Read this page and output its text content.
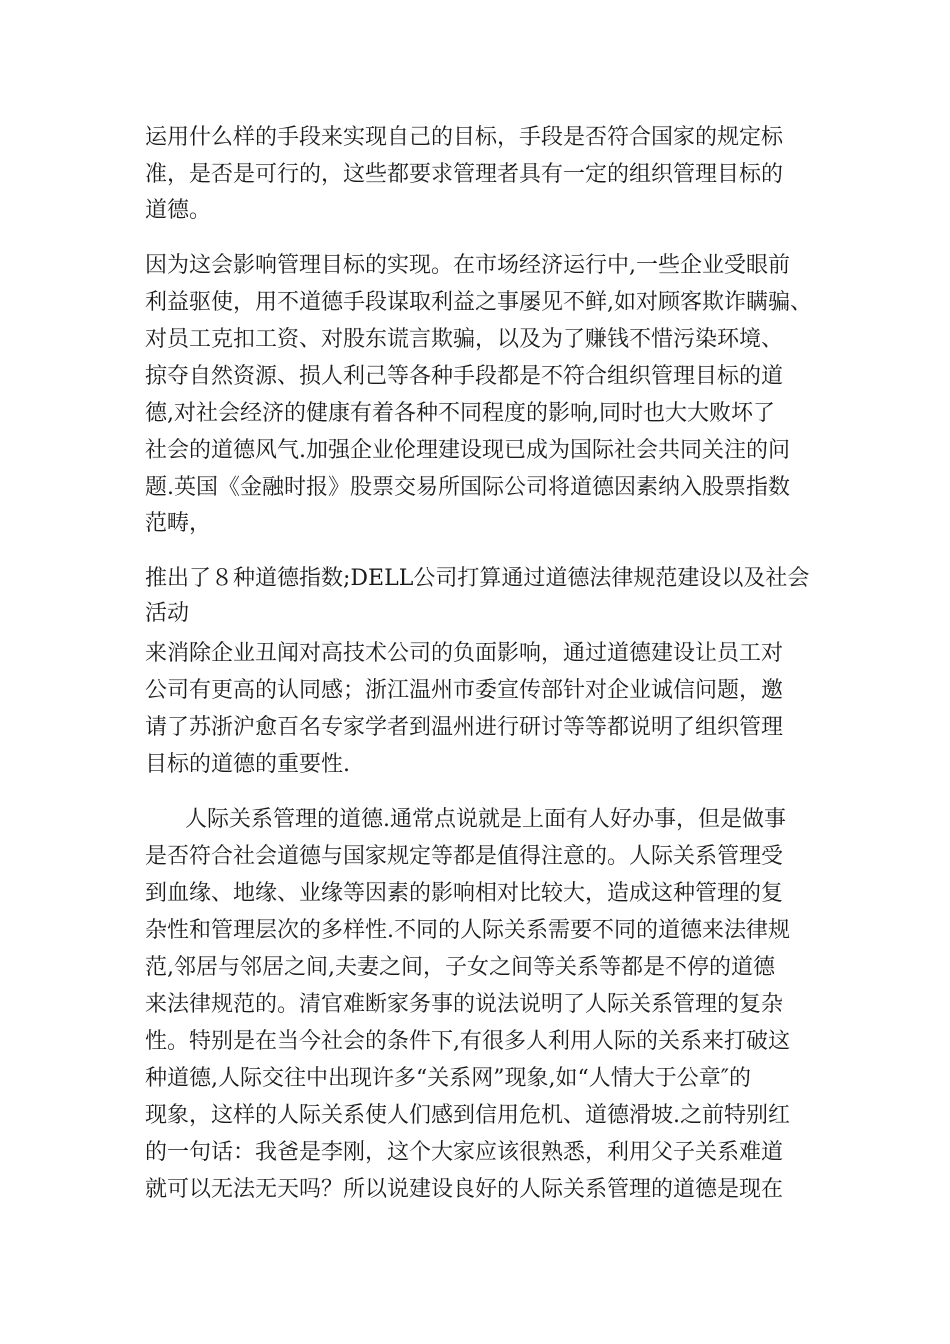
运用什么样的手段来实现自己的目标，手段是否符合国家的规定标

准，是否是可行的，这些都要求管理者具有一定的组织管理目标的

道德。

因为这会影响管理目标的实现。在市场经济运行中,一些企业受眼前

利益驱使，用不道德手段谋取利益之事屡见不鲜,如对顾客欺诈瞒骗、

对员工克扣工资、对股东谎言欺骗，以及为了赚钱不惜污染环境、

掠夺自然资源、损人利己等各种手段都是不符合组织管理目标的道

德,对社会经济的健康有着各种不同程度的影响,同时也大大败坏了

社会的道德风气.加强企业伦理建设现已成为国际社会共同关注的问

题.英国《金融时报》股票交易所国际公司将道德因素纳入股票指数

范畴，

推出了８种道德指数;DELL公司打算通过道德法律规范建设以及社会

活动

来消除企业丑闻对高技术公司的负面影响，通过道德建设让员工对

公司有更高的认同感；浙江温州市委宣传部针对企业诚信问题，邀

请了苏浙沪愈百名专家学者到温州进行研讨等等都说明了组织管理

目标的道德的重要性.

人际关系管理的道德.通常点说就是上面有人好办事，但是做事

是否符合社会道德与国家规定等都是值得注意的。人际关系管理受

到血缘、地缘、业缘等因素的影响相对比较大，造成这种管理的复

杂性和管理层次的多样性.不同的人际关系需要不同的道德来法律规

范,邻居与邻居之间,夫妻之间，子女之间等关系等都是不停的道德

来法律规范的。清官难断家务事的说法说明了人际关系管理的复杂

性。特别是在当今社会的条件下,有很多人利用人际的关系来打破这

种道德,人际交往中出现许多“关系网”现象,如“人情大于公章″的

现象，这样的人际关系使人们感到信用危机、道德滑坡.之前特别红

的一句话：我爸是李刚，这个大家应该很熟悉，利用父子关系难道

就可以无法无天吗？所以说建设良好的人际关系管理的道德是现在
